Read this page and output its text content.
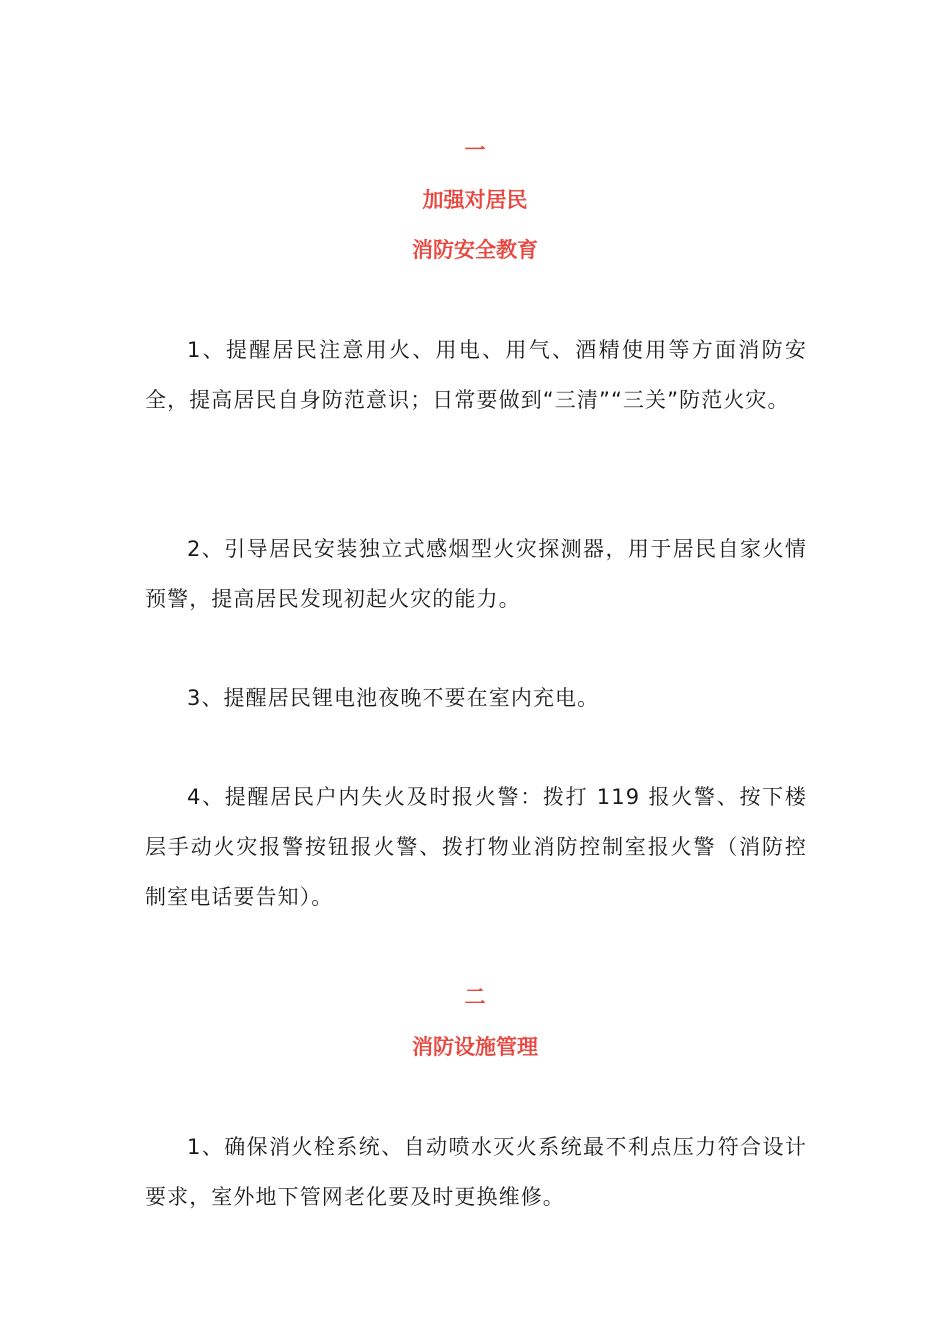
一

加强对居民

消防安全教育

1、提醒居民注意用火、用电、用气、酒精使用等方面消防安全，提高居民自身防范意识；日常要做到“三清”“三关”防范火灾。

2、引导居民安装独立式感烟型火灾探测器，用于居民自家火情预警，提高居民发现初起火灾的能力。

3、提醒居民锂电池夜晚不要在室内充电。

4、提醒居民户内失火及时报火警：拨打 119 报火警、按下楼层手动火灾报警按钮报火警、拨打物业消防控制室报火警（消防控制室电话要告知）。

二

消防设施管理

1、确保消火栓系统、自动喷水灭火系统最不利点压力符合设计要求，室外地下管网老化要及时更换维修。
